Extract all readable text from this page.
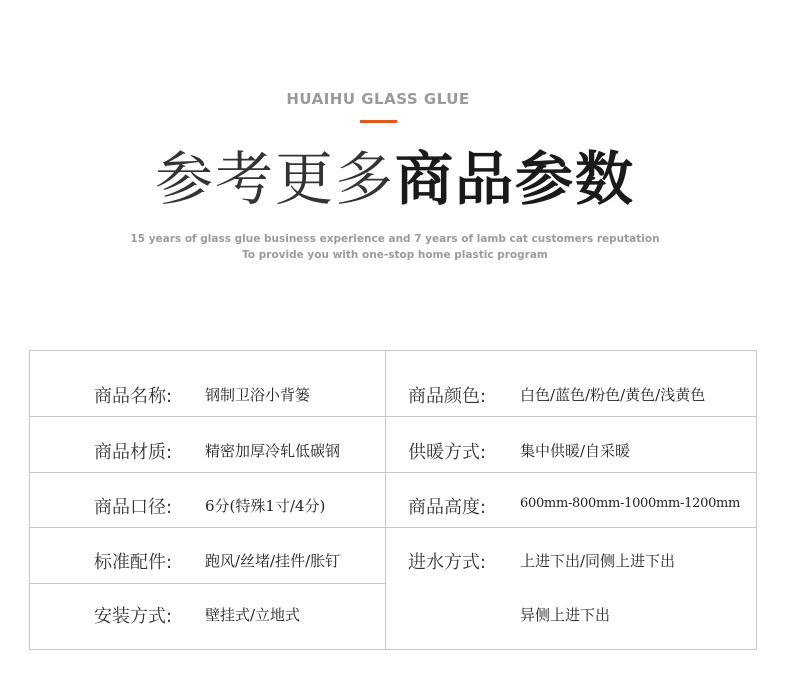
HUAIHU GLASS GLUE
参考更多商品参数
15 years of glass glue business experience and 7 years of lamb cat customers reputation
To provide you with one-stop home plastic program
商品名称: 钢制卫浴小背篓
商品材质: 精密加厚冷轧低碳钢
商品口径: 6分(特殊1寸/4分)
标准配件: 跑风/丝堵/挂件/胀钉
安装方式: 壁挂式/立地式
商品颜色: 白色/蓝色/粉色/黄色/浅黄色
供暖方式: 集中供暖/自采暖
商品高度:	600mm-800mm-1000mm-1200mm
进水方式: 上进下出/同侧上进下出
异侧上进下出
